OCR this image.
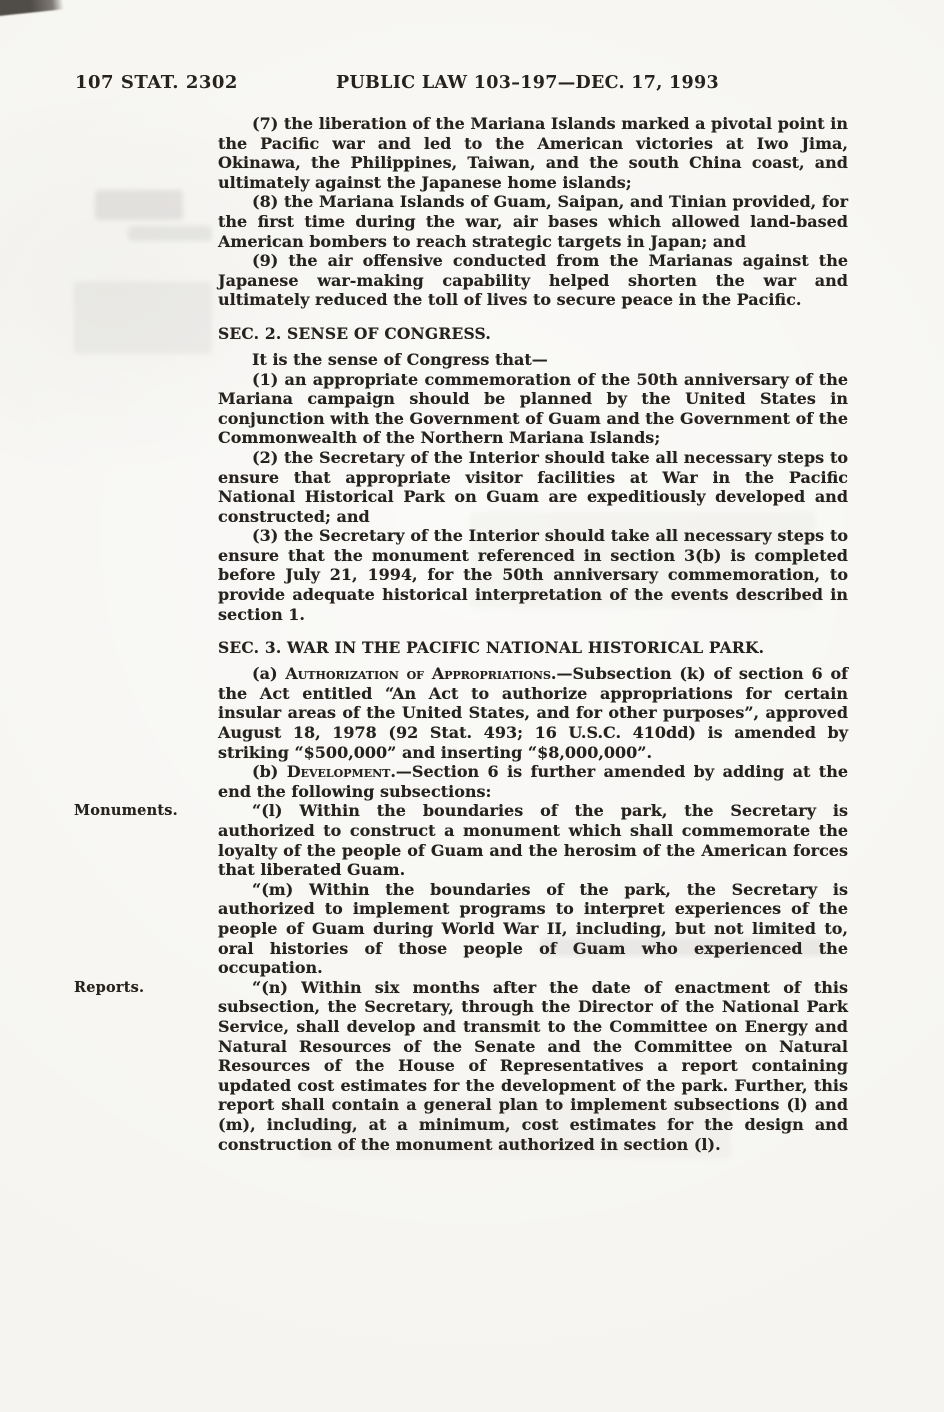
107 STAT. 2302	PUBLIC LAW 103–197—DEC. 17, 1993

(7) the liberation of the Mariana Islands marked a pivotal point in the Pacific war and led to the American victories at Iwo Jima, Okinawa, the Philippines, Taiwan, and the south China coast, and ultimately against the Japanese home islands;

(8) the Mariana Islands of Guam, Saipan, and Tinian provided, for the first time during the war, air bases which allowed land-based American bombers to reach strategic targets in Japan; and

(9) the air offensive conducted from the Marianas against the Japanese war-making capability helped shorten the war and ultimately reduced the toll of lives to secure peace in the Pacific.

SEC. 2. SENSE OF CONGRESS.

It is the sense of Congress that—

(1) an appropriate commemoration of the 50th anniversary of the Mariana campaign should be planned by the United States in conjunction with the Government of Guam and the Government of the Commonwealth of the Northern Mariana Islands;

(2) the Secretary of the Interior should take all necessary steps to ensure that appropriate visitor facilities at War in the Pacific National Historical Park on Guam are expeditiously developed and constructed; and

(3) the Secretary of the Interior should take all necessary steps to ensure that the monument referenced in section 3(b) is completed before July 21, 1994, for the 50th anniversary commemoration, to provide adequate historical interpretation of the events described in section 1.

SEC. 3. WAR IN THE PACIFIC NATIONAL HISTORICAL PARK.

(a) Authorization of Appropriations.—Subsection (k) of section 6 of the Act entitled “An Act to authorize appropriations for certain insular areas of the United States, and for other purposes”, approved August 18, 1978 (92 Stat. 493; 16 U.S.C. 410dd) is amended by striking “$500,000” and inserting “$8,000,000”.

(b) Development.—Section 6 is further amended by adding at the end the following subsections:

Monuments.	“(l) Within the boundaries of the park, the Secretary is authorized to construct a monument which shall commemorate the loyalty of the people of Guam and the herosim of the American forces that liberated Guam.

“(m) Within the boundaries of the park, the Secretary is authorized to implement programs to interpret experiences of the people of Guam during World War II, including, but not limited to, oral histories of those people of Guam who experienced the occupation.

Reports.	“(n) Within six months after the date of enactment of this subsection, the Secretary, through the Director of the National Park Service, shall develop and transmit to the Committee on Energy and Natural Resources of the Senate and the Committee on Natural Resources of the House of Representatives a report containing updated cost estimates for the development of the park. Further, this report shall contain a general plan to implement subsections (l) and (m), including, at a minimum, cost estimates for the design and construction of the monument authorized in section (l).
